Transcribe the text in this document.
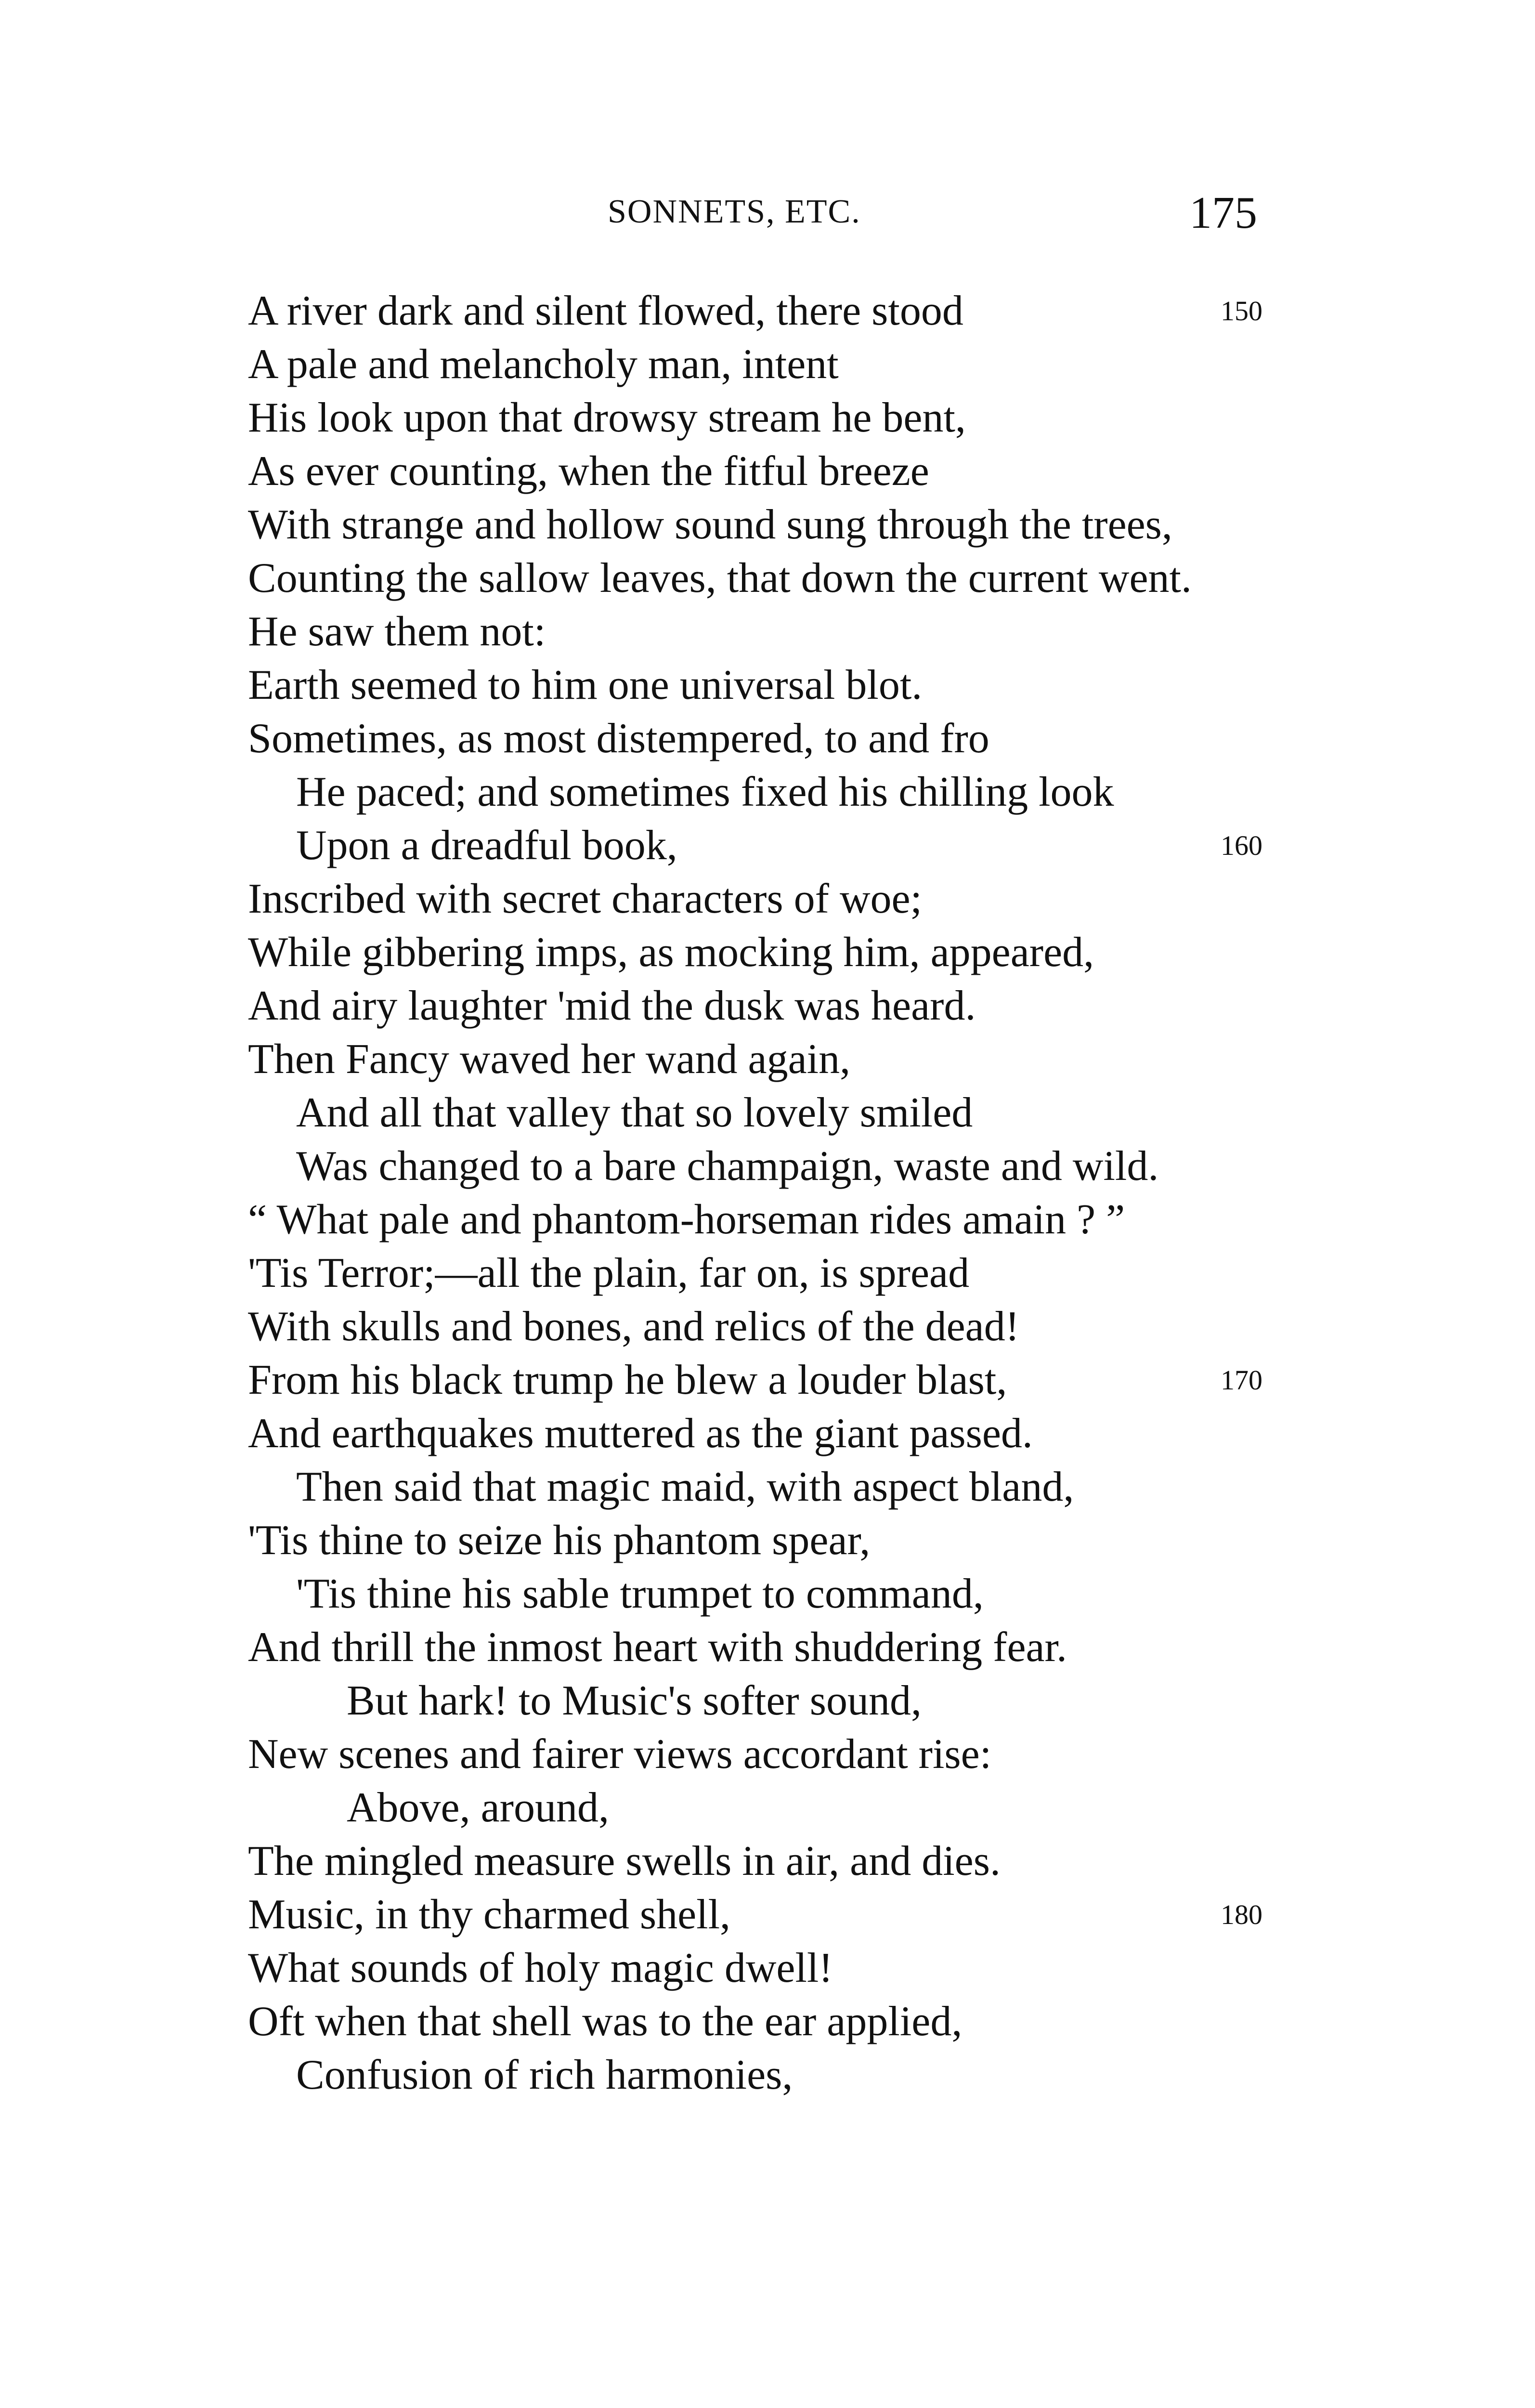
SONNETS, ETC.	175
A river dark and silent flowed, there stood	150
A pale and melancholy man, intent
His look upon that drowsy stream he bent,
As ever counting, when the fitful breeze
With strange and hollow sound sung through the trees,
Counting the sallow leaves, that down the current went.
He saw them not:
Earth seemed to him one universal blot.
Sometimes, as most distempered, to and fro
He paced; and sometimes fixed his chilling look
Upon a dreadful book,	160
Inscribed with secret characters of woe;
While gibbering imps, as mocking him, appeared,
And airy laughter 'mid the dusk was heard.
Then Fancy waved her wand again,
And all that valley that so lovely smiled
Was changed to a bare champaign, waste and wild.
“ What pale and phantom-horseman rides amain ? ”
'Tis Terror;—all the plain, far on, is spread
With skulls and bones, and relics of the dead!
From his black trump he blew a louder blast,	170
And earthquakes muttered as the giant passed.
Then said that magic maid, with aspect bland,
'Tis thine to seize his phantom spear,
'Tis thine his sable trumpet to command,
And thrill the inmost heart with shuddering fear.
But hark! to Music's softer sound,
New scenes and fairer views accordant rise:
Above, around,
The mingled measure swells in air, and dies.
Music, in thy charmed shell,	180
What sounds of holy magic dwell!
Oft when that shell was to the ear applied,
Confusion of rich harmonies,
